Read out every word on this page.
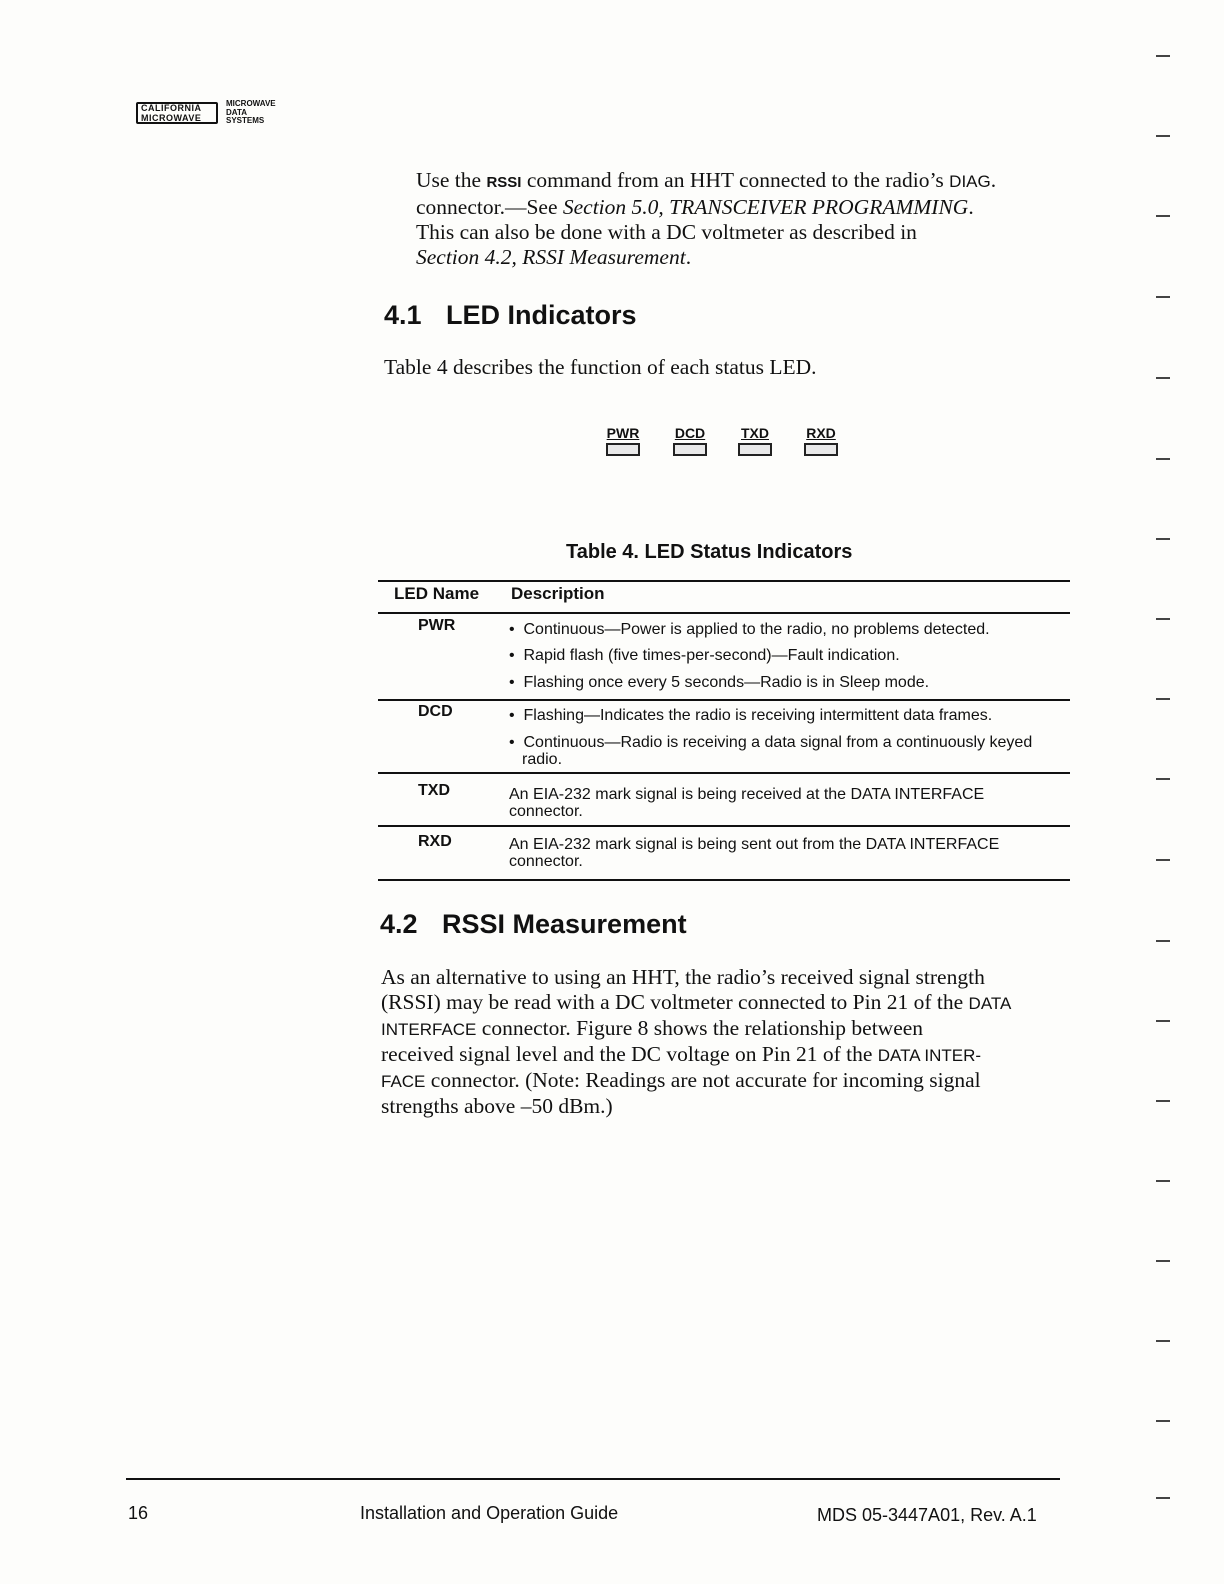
CALIFORNIA
MICROWAVE
MICROWAVE
DATA
SYSTEMS
Use the RSSI command from an HHT connected to the radio’s DIAG.
connector.—See Section 5.0, TRANSCEIVER PROGRAMMING.
This can also be done with a DC voltmeter as described in
Section 4.2, RSSI Measurement.
4.1 LED Indicators
Table 4 describes the function of each status LED.
PWR	DCD	TXD	RXD
Table 4. LED Status Indicators
LED Name Description
PWR	•  Continuous—Power is applied to the radio, no problems detected.
•  Rapid flash (five times-per-second)—Fault indication.
•  Flashing once every 5 seconds—Radio is in Sleep mode.
DCD	•  Flashing—Indicates the radio is receiving intermittent data frames.
•  Continuous—Radio is receiving a data signal from a continuously keyed radio.
TXD	An EIA-232 mark signal is being received at the DATA INTERFACE connector.
RXD	An EIA-232 mark signal is being sent out from the DATA INTERFACE connector.
4.2 RSSI Measurement
As an alternative to using an HHT, the radio’s received signal strength
(RSSI) may be read with a DC voltmeter connected to Pin 21 of the DATA
INTERFACE connector. Figure 8 shows the relationship between
received signal level and the DC voltage on Pin 21 of the DATA INTER-
FACE connector. (Note: Readings are not accurate for incoming signal
strengths above –50 dBm.)
16	Installation and Operation Guide	MDS 05-3447A01, Rev. A.1
